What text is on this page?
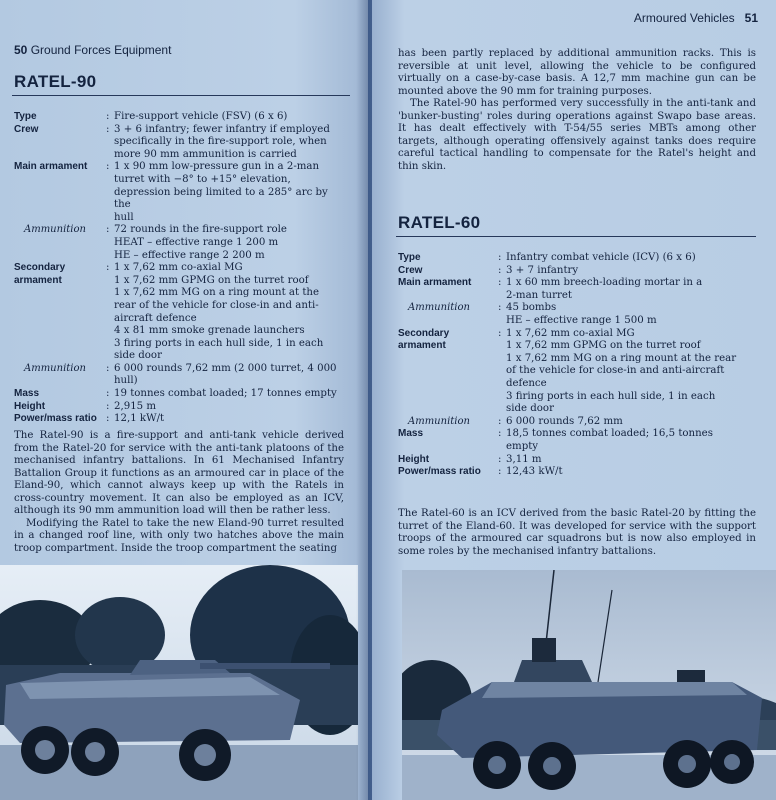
50 Ground Forces Equipment
RATEL-90
Type	: Fire-support vehicle (FSV) (6 x 6)
Crew	: 3 + 6 infantry; fewer infantry if employed
specifically in the fire-support role, when
more 90 mm ammunition is carried
Main armament	: 1 x 90 mm low-pressure gun in a 2-man
turret with −8° to +15° elevation,
depression being limited to a 285° arc by the
hull
Ammunition	: 72 rounds in the fire-support role
HEAT – effective range 1 200 m
HE – effective range 2 200 m
Secondary armament
: 1 x 7,62 mm co-axial MG
1 x 7,62 mm GPMG on the turret roof
1 x 7,62 mm MG on a ring mount at the
rear of the vehicle for close-in and anti-
aircraft defence
4 x 81 mm smoke grenade launchers
3 firing ports in each hull side, 1 in each
side door
Ammunition	: 6 000 rounds 7,62 mm (2 000 turret, 4 000
hull)
Mass	: 19 tonnes combat loaded; 17 tonnes empty
Height	: 2,915 m
Power/mass ratio : 12,1 kW/t

The Ratel-90 is a fire-support and anti-tank vehicle derived from the Ratel-20 for service with the anti-tank platoons of the mechanised infantry battalions. In 61 Mechanised Infantry Battalion Group it functions as an armoured car in place of the Eland-90, which cannot always keep up with the Ratels in cross-country movement. It can also be employed as an ICV, although its 90 mm ammunition load will then be rather less.

Modifying the Ratel to take the new Eland-90 turret resulted in a changed roof line, with only two hatches above the main troop compartment. Inside the troop compartment the seating

Armoured Vehicles 51

has been partly replaced by additional ammunition racks. This is reversible at unit level, allowing the vehicle to be configured virtually on a case-by-case basis. A 12,7 mm machine gun can be mounted above the 90 mm for training purposes.

The Ratel-90 has performed very successfully in the anti-tank and 'bunker-busting' roles during operations against Swapo base areas. It has dealt effectively with T-54/55 series MBTs among other targets, although operating offensively against tanks does require careful tactical handling to compensate for the Ratel's height and thin skin.

RATEL-60
Type	: Infantry combat vehicle (ICV) (6 x 6)
Crew	: 3 + 7 infantry
Main armament	: 1 x 60 mm breech-loading mortar in a
2-man turret
Ammunition	: 45 bombs
HE – effective range 1 500 m
Secondary armament
: 1 x 7,62 mm co-axial MG
1 x 7,62 mm GPMG on the turret roof
1 x 7,62 mm MG on a ring mount at the rear
of the vehicle for close-in and anti-aircraft
defence
3 firing ports in each hull side, 1 in each
side door
Ammunition	: 6 000 rounds 7,62 mm
Mass	: 18,5 tonnes combat loaded; 16,5 tonnes
empty
Height	: 3,11 m
Power/mass ratio	: 12,43 kW/t

The Ratel-60 is an ICV derived from the basic Ratel-20 by fitting the turret of the Eland-60. It was developed for service with the support troops of the armoured car squadrons but is now also employed in some roles by the mechanised infantry battalions.
